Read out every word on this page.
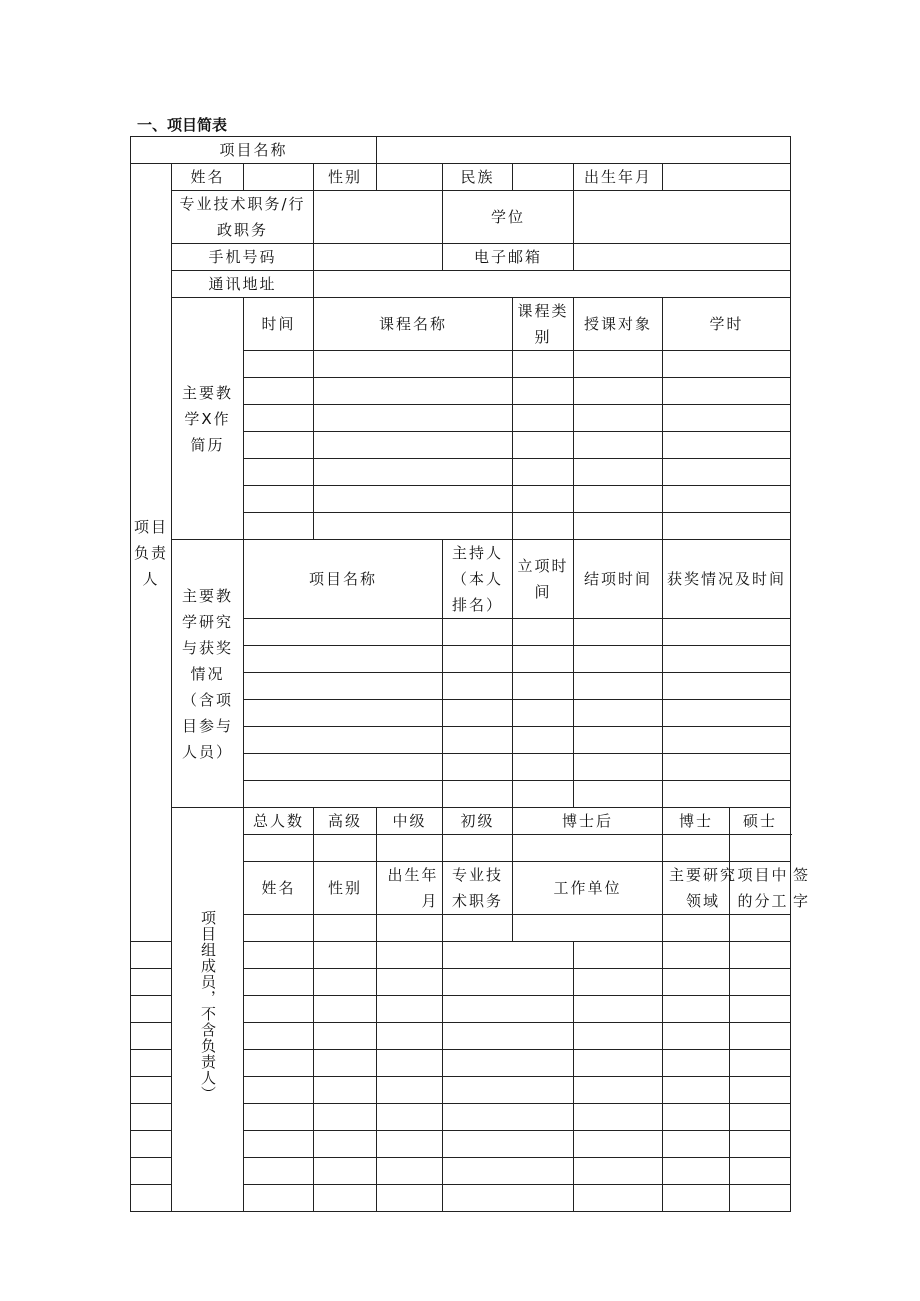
一、项目简表
项目名称										
项目负责人	姓名		性别		民族		出生年月			
	专业技术职务/行政职务				学位					
	手机号码				电子邮箱					
	通讯地址									
	主要教学X作简历	时间	课程名称			课程类别	授课对象	学时		

	主要教学研究与获奖情况（含项目参与人员）	项目名称			主持人（本人排名）	立项时间	结项时间	获奖情况及时间		

	项目组成员，不含负责人）	总人数	高级	中级	初级	博士后		博士	硕士	

		姓名	性别	出生年月	专业技术职务	工作单位		主要研究领域	项目中的分工	签字
